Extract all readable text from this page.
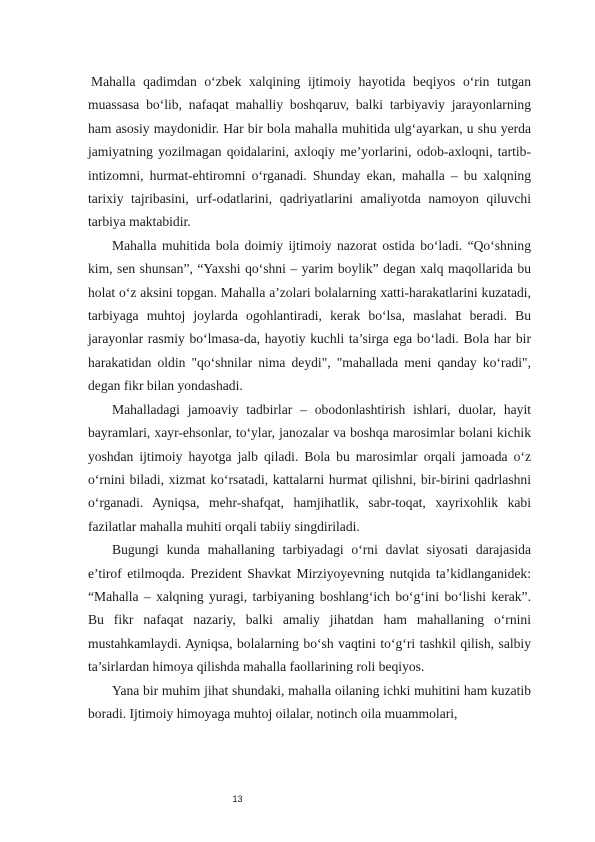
Mahalla qadimdan o‘zbek xalqining ijtimoiy hayotida beqiyos o‘rin tutgan muassasa bo‘lib, nafaqat mahalliy boshqaruv, balki tarbiyaviy jarayonlarning ham asosiy maydonidir. Har bir bola mahalla muhitida ulg‘ayarkan, u shu yerda jamiyatning yozilmagan qoidalarini, axloqiy me’yorlarini, odob-axloqni, tartib-intizomni, hurmat-ehtiromni o‘rganadi. Shunday ekan, mahalla – bu xalqning tarixiy tajribasini, urf-odatlarini, qadriyatlarini amaliyotda namoyon qiluvchi tarbiya maktabidir.

Mahalla muhitida bola doimiy ijtimoiy nazorat ostida bo‘ladi. “Qo‘shning kim, sen shunsan”, “Yaxshi qo‘shni – yarim boylik” degan xalq maqollarida bu holat o‘z aksini topgan. Mahalla a’zolari bolalarning xatti-harakatlarini kuzatadi, tarbiyaga muhtoj joylarda ogohlantiradi, kerak bo‘lsa, maslahat beradi. Bu jarayonlar rasmiy bo‘lmasa-da, hayotiy kuchli ta’sirga ega bo‘ladi. Bola har bir harakatidan oldin "qo‘shnilar nima deydi", "mahallada meni qanday ko‘radi", degan fikr bilan yondashadi.

Mahalladagi jamoaviy tadbirlar – obodonlashtirish ishlari, duolar, hayit bayramlari, xayr-ehsonlar, to‘ylar, janozalar va boshqa marosimlar bolani kichik yoshdan ijtimoiy hayotga jalb qiladi. Bola bu marosimlar orqali jamoada o‘z o‘rnini biladi, xizmat ko‘rsatadi, kattalarni hurmat qilishni, bir-birini qadrlashni o‘rganadi. Ayniqsa, mehr-shafqat, hamjihatlik, sabr-toqat, xayrixohlik kabi fazilatlar mahalla muhiti orqali tabiiy singdiriladi.

Bugungi kunda mahallaning tarbiyadagi o‘rni davlat siyosati darajasida e’tirof etilmoqda. Prezident Shavkat Mirziyoyevning nutqida ta’kidlanganidek: “Mahalla – xalqning yuragi, tarbiyaning boshlang‘ich bo‘g‘ini bo‘lishi kerak”. Bu fikr nafaqat nazariy, balki amaliy jihatdan ham mahallaning o‘rnini mustahkamlaydi. Ayniqsa, bolalarning bo‘sh vaqtini to‘g‘ri tashkil qilish, salbiy ta’sirlardan himoya qilishda mahalla faollarining roli beqiyos.

Yana bir muhim jihat shundaki, mahalla oilaning ichki muhitini ham kuzatib boradi. Ijtimoiy himoyaga muhtoj oilalar, notinch oila muammolari,

13
